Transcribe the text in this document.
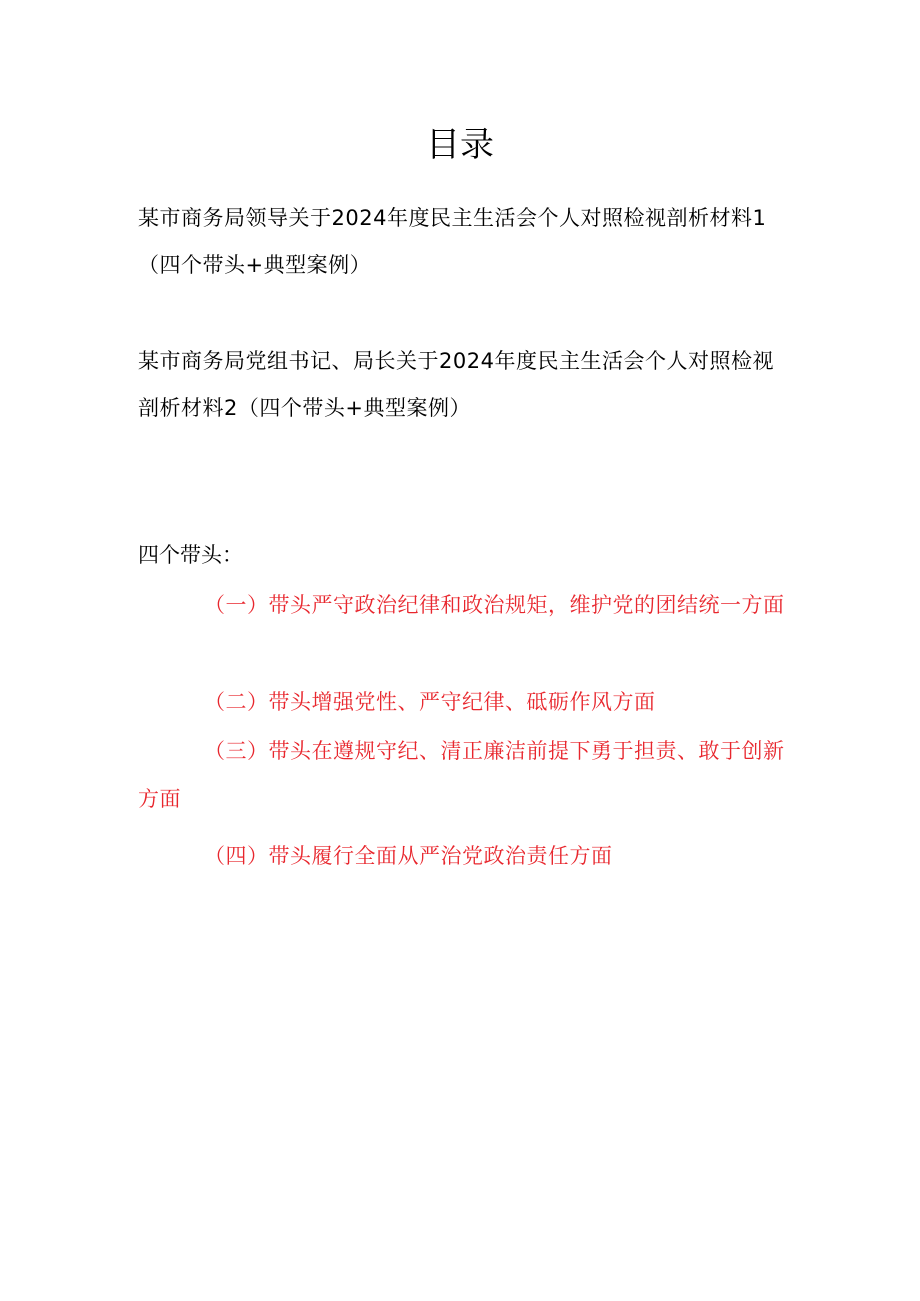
目录

某市商务局领导关于2024年度民主生活会个人对照检视剖析材料1（四个带头+典型案例）

某市商务局党组书记、局长关于2024年度民主生活会个人对照检视剖析材料2（四个带头+典型案例）

四个带头：

（一）带头严守政治纪律和政治规矩，维护党的团结统一方面

（二）带头增强党性、严守纪律、砥砺作风方面

（三）带头在遵规守纪、清正廉洁前提下勇于担责、敢于创新方面

（四）带头履行全面从严治党政治责任方面
